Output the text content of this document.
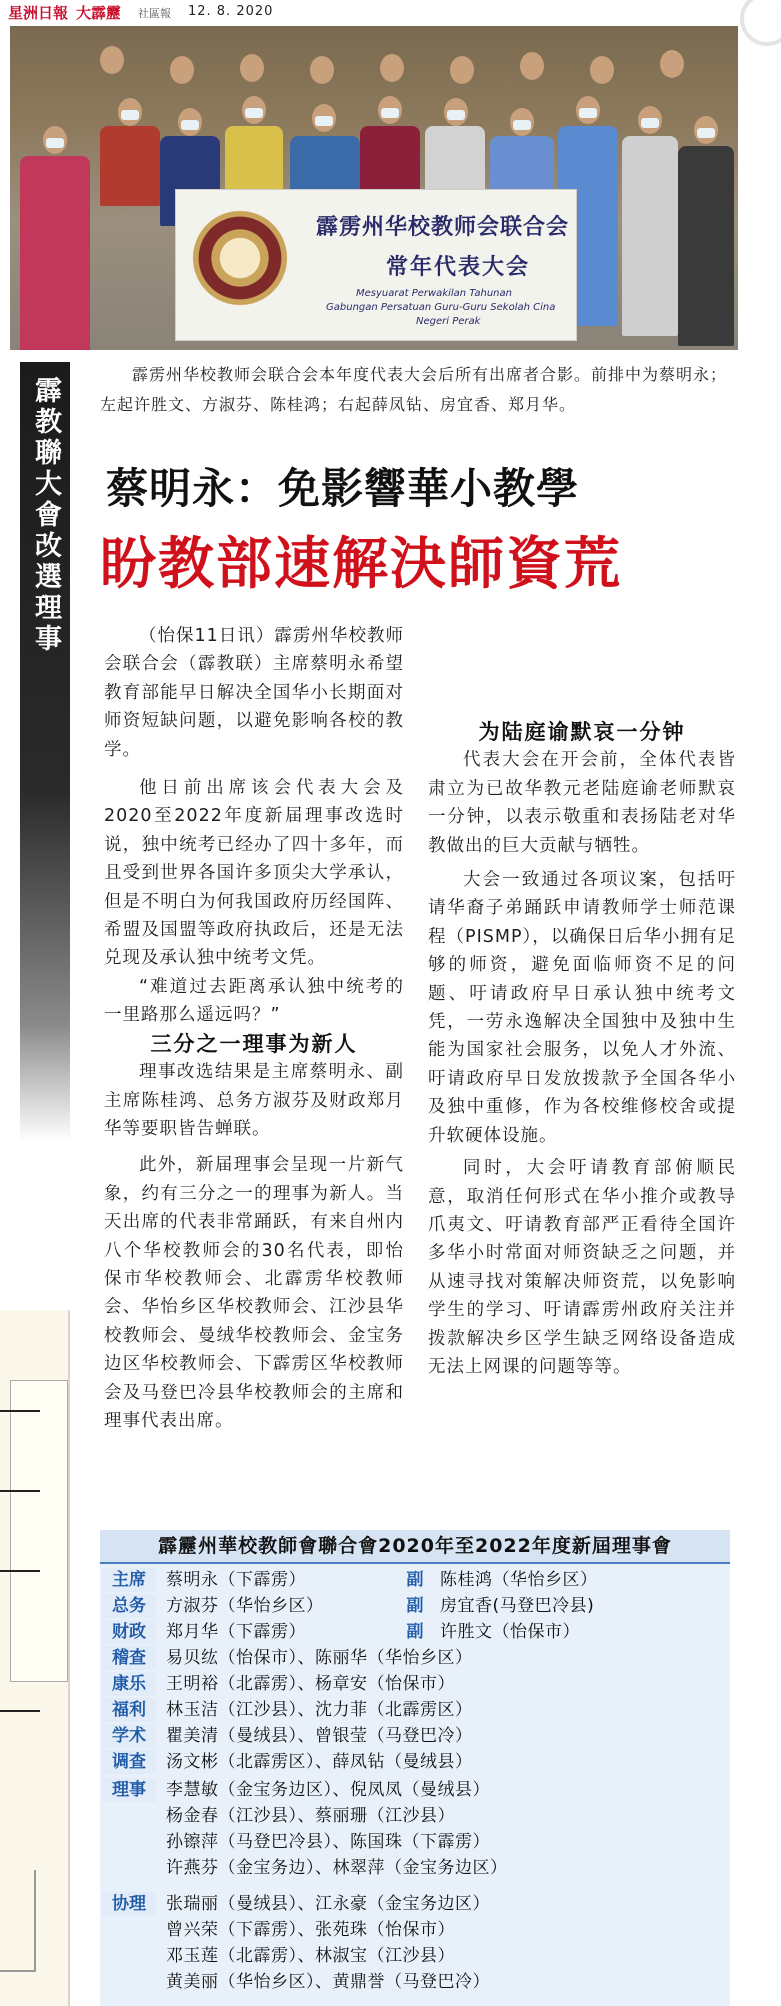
星洲日報 大霹靂 社區報 12. 8. 2020
霹雳州华校教师会联合会
常年代表大会
Mesyuarat Perwakilan Tahunan
Gabungan Persatuan Guru-Guru Sekolah Cina
Negeri Perak
霹教聯大會改選理事
霹雳州华校教师会联合会本年度代表大会后所有出席者合影。前排中为蔡明永；左起许胜文、方淑芬、陈桂鸿；右起薛凤钻、房宜香、郑月华。
蔡明永：免影響華小教學
盼教部速解決師資荒

（怡保11日讯）霹雳州华校教师会联合会（霹教联）主席蔡明永希望教育部能早日解决全国华小长期面对师资短缺问题，以避免影响各校的教学。

他日前出席该会代表大会及2020至2022年度新届理事改选时说，独中统考已经办了四十多年，而且受到世界各国许多顶尖大学承认，但是不明白为何我国政府历经国阵、希盟及国盟等政府执政后，还是无法兑现及承认独中统考文凭。

“难道过去距离承认独中统考的一里路那么遥远吗？”

三分之一理事为新人

理事改选结果是主席蔡明永、副主席陈桂鸿、总务方淑芬及财政郑月华等要职皆告蝉联。

此外，新届理事会呈现一片新气象，约有三分之一的理事为新人。当天出席的代表非常踊跃，有来自州内八个华校教师会的30名代表，即怡保市华校教师会、北霹雳华校教师会、华怡乡区华校教师会、江沙县华校教师会、曼绒华校教师会、金宝务边区华校教师会、下霹雳区华校教师会及马登巴冷县华校教师会的主席和理事代表出席。

为陆庭谕默哀一分钟

代表大会在开会前，全体代表皆肃立为已故华教元老陆庭谕老师默哀一分钟，以表示敬重和表扬陆老对华教做出的巨大贡献与牺牲。

大会一致通过各项议案，包括吁请华裔子弟踊跃申请教师学士师范课程（PISMP），以确保日后华小拥有足够的师资，避免面临师资不足的问题、吁请政府早日承认独中统考文凭，一劳永逸解决全国独中及独中生能为国家社会服务，以免人才外流、吁请政府早日发放拨款予全国各华小及独中重修，作为各校维修校舍或提升软硬体设施。

同时，大会吁请教育部俯顺民意，取消任何形式在华小推介或教导爪夷文、吁请教育部严正看待全国许多华小时常面对师资缺乏之问题，并从速寻找对策解决师资荒，以免影响学生的学习、吁请霹雳州政府关注并拨款解决乡区学生缺乏网络设备造成无法上网课的问题等等。

霹靂州華校教師會聯合會2020年至2022年度新屆理事會
主席	蔡明永（下霹雳）	副 陈桂鸿（华怡乡区）
总务	方淑芬（华怡乡区）	副 房宜香(马登巴冷县)
财政	郑月华（下霹雳）	副 许胜文（怡保市）
稽查	易贝纮（怡保市）、陈丽华（华怡乡区）
康乐	王明裕（北霹雳）、杨章安（怡保市）
福利	林玉洁（江沙县）、沈力菲（北霹雳区）
学术	瞿美清（曼绒县）、曾银莹（马登巴冷）
调查	汤文彬（北霹雳区）、薛凤钻（曼绒县）
理事	李慧敏（金宝务边区）、倪凤凤（曼绒县）
杨金春（江沙县）、蔡丽珊（江沙县）
孙镲萍（马登巴冷县）、陈国珠（下霹雳）
许燕芬（金宝务边）、林翠萍（金宝务边区）
协理	张瑞丽（曼绒县）、江永豪（金宝务边区）
曾兴荣（下霹雳）、张苑珠（怡保市）
邓玉莲（北霹雳）、林淑宝（江沙县）
黄美丽（华怡乡区）、黄鼎誉（马登巴冷）
